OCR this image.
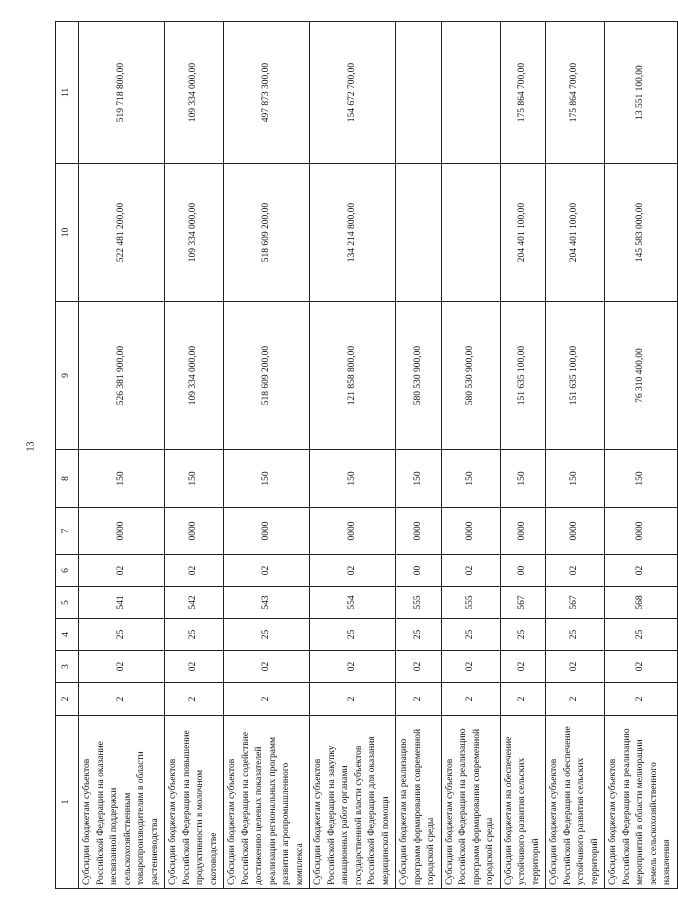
13
1	2	3	4	5	6	7	8	9	10	11
Субсидии бюджетам субъектов Российской Федерации на оказание несвязанной поддержки сельскохозяйственным товаропроизводителям в области растениеводства	2	02	25	541	02	0000	150	526 381 900,00	522 481 200,00	519 718 800,00
Субсидии бюджетам субъектов Российской Федерации на повышение продуктивности в молочном скотоводстве	2	02	25	542	02	0000	150	109 334 000,00	109 334 000,00	109 334 000,00
Субсидии бюджетам субъектов Российской Федерации на содействие достижению целевых показателей реализации региональных программ развития агропромышленного комплекса	2	02	25	543	02	0000	150	518 609 200,00	518 609 200,00	497 873 300,00
Субсидии бюджетам субъектов Российской Федерации на закупку авиационных работ органами государственной власти субъектов Российской Федерации для оказания медицинской помощи	2	02	25	554	02	0000	150	121 858 800,00	134 214 800,00	154 672 700,00
Субсидии бюджетам на реализацию программ формирования современной городской среды	2	02	25	555	00	0000	150	580 530 900,00		
Субсидии бюджетам субъектов Российской Федерации на реализацию программ формирования современной городской среды	2	02	25	555	02	0000	150	580 530 900,00		
Субсидии бюджетам на обеспечение устойчивого развития сельских территорий	2	02	25	567	00	0000	150	151 635 100,00	204 401 100,00	175 864 700,00
Субсидии бюджетам субъектов Российской Федерации на обеспечение устойчивого развития сельских территорий	2	02	25	567	02	0000	150	151 635 100,00	204 401 100,00	175 864 700,00
Субсидии бюджетам субъектов Российской Федерации на реализацию мероприятий в области мелиорации земель сельскохозяйственного назначения	2	02	25	568	02	0000	150	76 310 400,00	145 583 000,00	13 551 100,00
